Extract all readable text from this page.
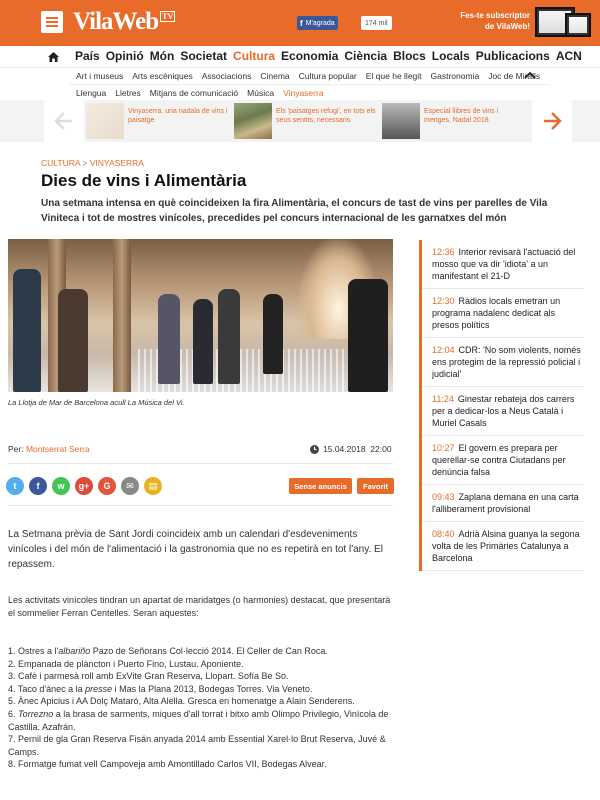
VilaWeb $^{TV}$
f M'agrada	174 mil
Fes-te subscriptor
de VilaWeb!
País Opinió Món Societat Cultura Economia Ciència Blocs Locals Publicacions ACN
Art i museus Arts escèniques Associacions Cinema Cultura popular El que he llegit Gastronomia Joc de Miralls
Llengua Lletres Mitjans de comunicació Música Vinyaserra
Vinyaserra: una nadala de vins i paisatge
Els 'paisatges refugi', en tots els seus sentits, necessaris
Especial llibres de vins i menges, Nadal 2018
CULTURA > VINYASERRA
Dies de vins i Alimentària

Una setmana intensa en què coincideixen la fira Alimentària, el concurs de tast de vins per parelles de Vila Viniteca i tot de mostres vinícoles, precedides pel concurs internacional de les garnatxes del món

La Llotja de Mar de Barcelona acull La Música del Vi.
12:36 Interior revisarà l'actuació del mosso que va dir 'idiota' a un manifestant el 21-D
12:30 Ràdios locals emetran un programa nadalenc dedicat als presos polítics
12:04 CDR: 'No som violents, només ens protegim de la repressió policial i judicial'
11:24 Ginestar rebateja dos carrers per a dedicar-los a Neus Català i Muriel Casals
10:27 El govern es prepara per querellar-se contra Ciutadans per denúncia falsa
09:43 Zaplana demana en una carta l'alliberament provisional
08:40 Adrià Alsina guanya la segona volta de les Primàries Catalunya a Barcelona
Per: Montserrat Serra	15.04.2018
22:00
t	f	w	g+	G	✉	▤	Sense anuncis	Favorit

La Setmana prèvia de Sant Jordi coincideix amb un calendari d'esdeveniments vinícoles i del món de l'alimentació i la gastronomia que no es repetirà en tot l'any. El repassem.

Les activitats vinícoles tindran un apartat de maridatges (o harmonies) destacat, que presentarà el sommelier Ferran Centelles. Seran aquestes:

1. Ostres a l'albariño Pazo de Señorans Col·lecció 2014. El Celler de Can Roca.
2. Empanada de plàncton i Puerto Fino, Lustau. Aponiente.
3. Cafè i parmesà roll amb ExVite Gran Reserva, Llopart. Sofía Be So.
4. Taco d'ànec a la presse i Mas la Plana 2013, Bodegas Torres. Via Veneto.
5. Ànec Apicius i AA Dolç Mataró, Alta Alella. Gresca en homenatge a Alain Senderens.
6. Torrezno a la brasa de sarments, miques d'all torrat i bitxo amb Olimpo Privilegio, Vinícola de Castilla. Azafrán.
7. Pernil de gla Gran Reserva Fisán anyada 2014 amb Essential Xarel·lo Brut Reserva, Juvé & Camps.
8. Formatge fumat vell Campoveja amb Amontillado Carlos VII, Bodegas Alvear.
